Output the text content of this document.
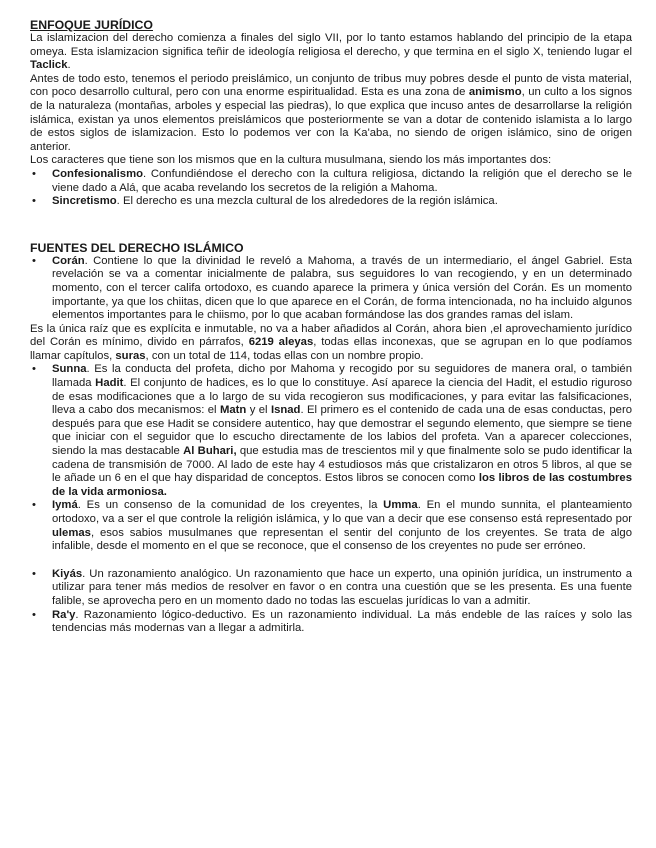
ENFOQUE JURÍDICO

La islamizacion del derecho comienza a finales del siglo VII, por lo tanto estamos hablando del principio de la etapa omeya. Esta islamizacion significa teñir de ideología religiosa el derecho, y que termina en el siglo X, teniendo lugar el Taclick.

Antes de todo esto, tenemos el periodo preislámico, un conjunto de tribus muy pobres desde el punto de vista material, con poco desarrollo cultural, pero con una enorme espiritualidad. Esta es una zona de animismo, un culto a los signos de la naturaleza (montañas, arboles y especial las piedras), lo que explica que incuso antes de desarrollarse la religión islámica, existan ya unos elementos preislámicos que posteriormente se van a dotar de contenido islamista a lo largo de estos siglos de islamizacion. Esto lo podemos ver con la Ka'aba, no siendo de origen islámico, sino de origen anterior.

Los caracteres que tiene son los mismos que en la cultura musulmana, siendo los más importantes dos:

• Confesionalismo. Confundiéndose el derecho con la cultura religiosa, dictando la religión que el derecho se le viene dado a Alá, que acaba revelando los secretos de la religión a Mahoma.
• Sincretismo. El derecho es una mezcla cultural de los alrededores de la región islámica.
FUENTES DEL DERECHO ISLÁMICO
• Corán. Contiene lo que la divinidad le reveló a Mahoma, a través de un intermediario, el ángel Gabriel. Esta revelación se va a comentar inicialmente de palabra, sus seguidores lo van recogiendo, y en un determinado momento, con el tercer califa ortodoxo, es cuando aparece la primera y única versión del Corán. Es un momento importante, ya que los chiitas, dicen que lo que aparece en el Corán, de forma intencionada, no ha incluido algunos elementos importantes para le chiismo, por lo que acaban formándose las dos grandes ramas del islam.

Es la única raíz que es explícita e inmutable, no va a haber añadidos al Corán, ahora bien ,el aprovechamiento jurídico del Corán es mínimo, divido en párrafos, 6219 aleyas, todas ellas inconexas, que se agrupan en lo que podíamos llamar capítulos, suras, con un total de 114, todas ellas con un nombre propio.

• Sunna. Es la conducta del profeta, dicho por Mahoma y recogido por su seguidores de manera oral, o también llamada Hadit. El conjunto de hadices, es lo que lo constituye. Así aparece la ciencia del Hadit, el estudio riguroso de esas modificaciones que a lo largo de su vida recogieron sus modificaciones, y para evitar las falsificaciones, lleva a cabo dos mecanismos: el Matn y el Isnad. El primero es el contenido de cada una de esas conductas, pero después para que ese Hadit se considere autentico, hay que demostrar el segundo elemento, que siempre se tiene que iniciar con el seguidor que lo escucho directamente de los labios del profeta. Van a aparecer colecciones, siendo la mas destacable Al Buhari, que estudia mas de trescientos mil y que finalmente solo se pudo identificar la cadena de transmisión de 7000. Al lado de este hay 4 estudiosos más que cristalizaron en otros 5 libros, al que se le añade un 6 en el que hay disparidad de conceptos. Estos libros se conocen como los libros de las costumbres de la vida armoniosa.
• Iymá. Es un consenso de la comunidad de los creyentes, la Umma. En el mundo sunnita, el planteamiento ortodoxo, va a ser el que controle la religión islámica, y lo que van a decir que ese consenso está representado por ulemas, esos sabios musulmanes que representan el sentir del conjunto de los creyentes. Se trata de algo infalible, desde el momento en el que se reconoce, que el consenso de los creyentes no pude ser erróneo.
• Kiyás. Un razonamiento analógico. Un razonamiento que hace un experto, una opinión jurídica, un instrumento a utilizar para tener más medios de resolver en favor o en contra una cuestión que se les presenta. Es una fuente falible, se aprovecha pero en un momento dado no todas las escuelas jurídicas lo van a admitir.
• Ra'y. Razonamiento lógico-deductivo. Es un razonamiento individual. La más endeble de las raíces y solo las tendencias más modernas van a llegar a admitirla.
